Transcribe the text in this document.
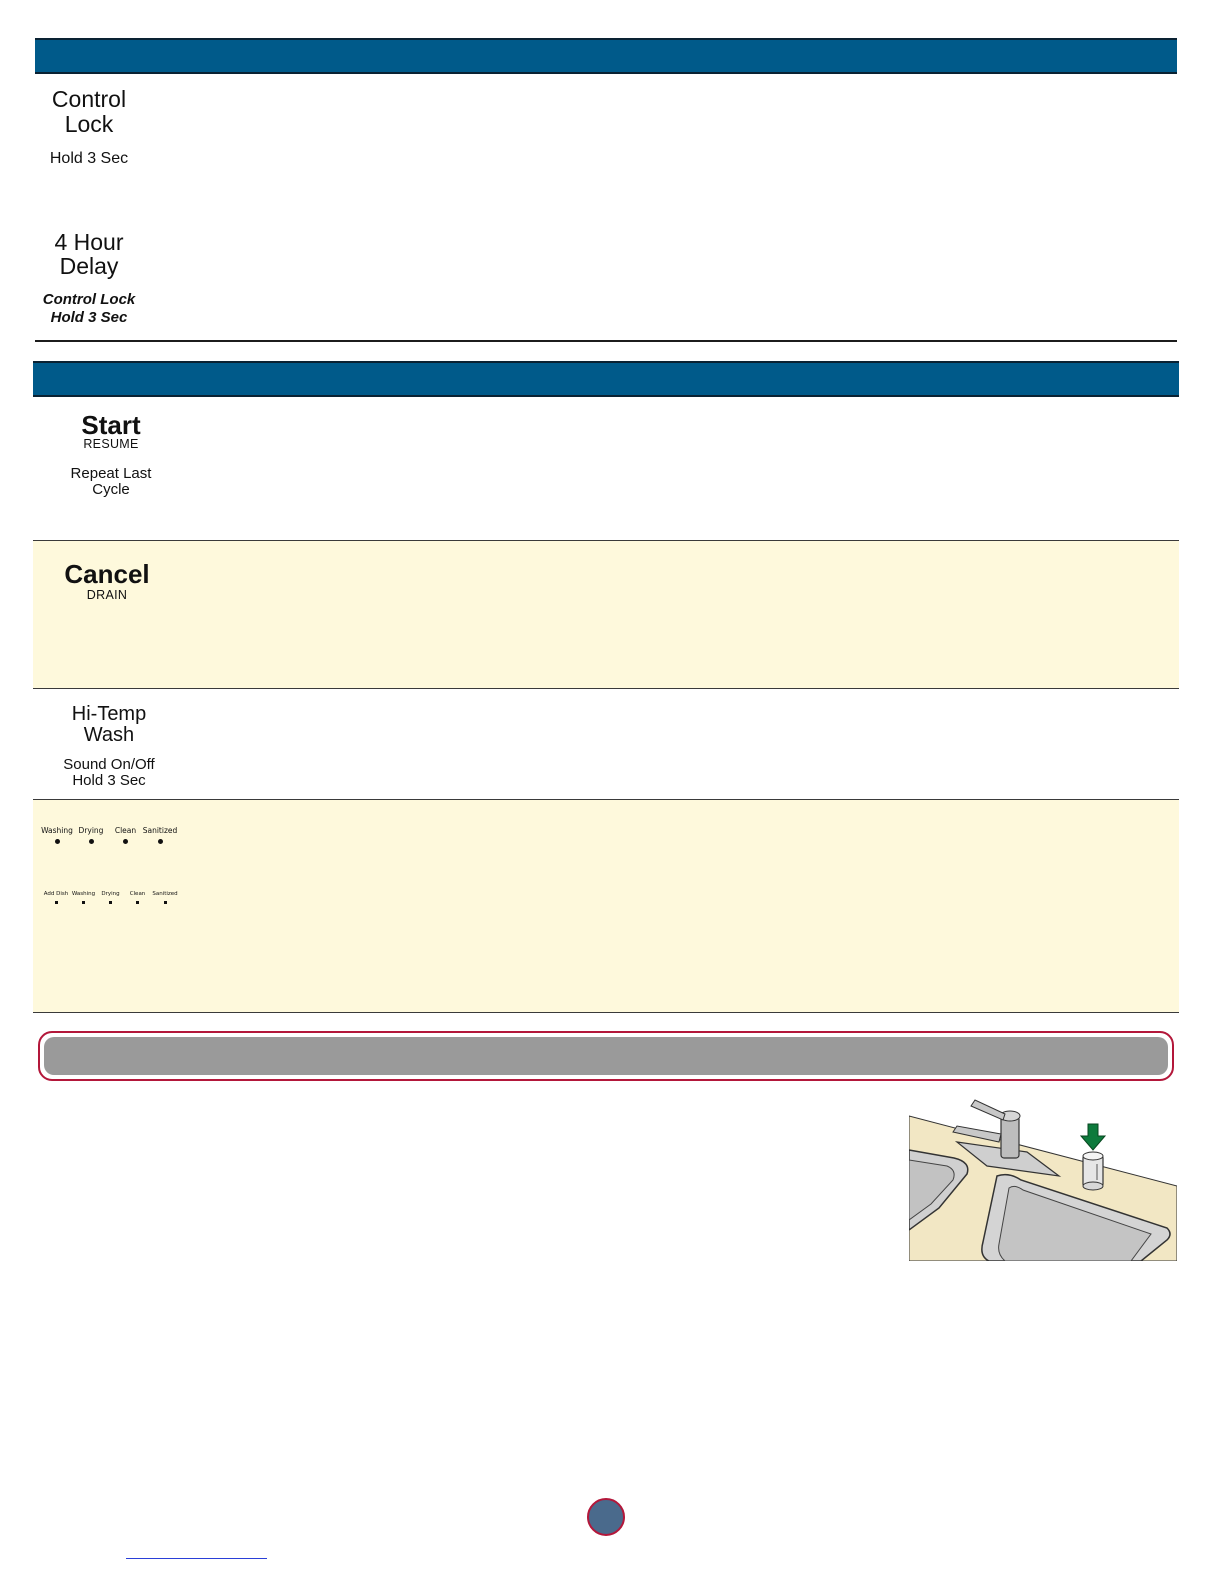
Control
Lock
Hold 3 Sec
4 Hour
Delay
Control Lock
Hold 3 Sec
Start
RESUME
Repeat Last
Cycle
Cancel
DRAIN
Hi-Temp
Wash
Sound On/Off
Hold 3 Sec
Washing Drying Clean Sanitized
Add Dish Washing Drying Clean Sanitized
